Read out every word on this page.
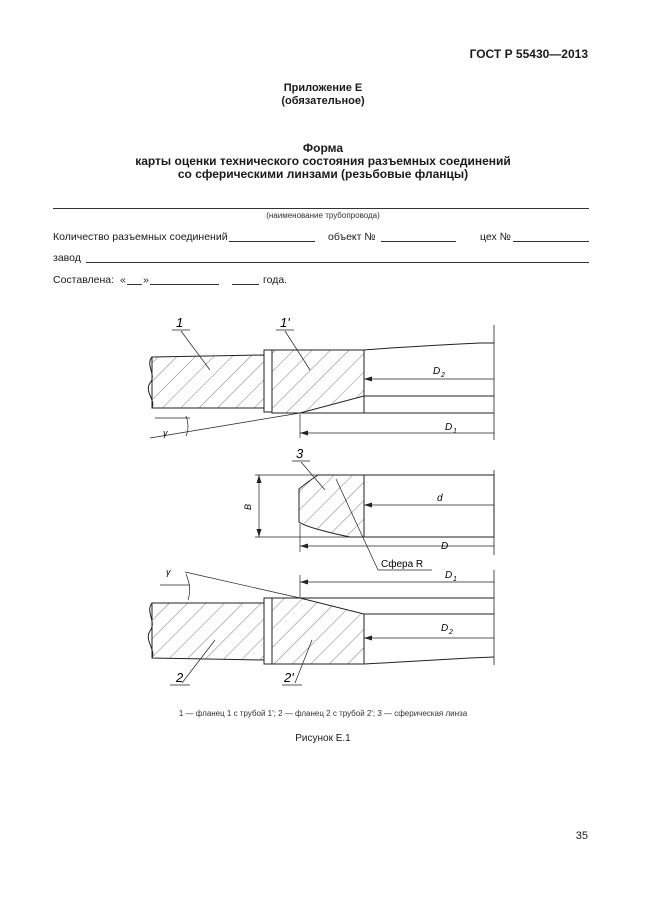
ГОСТ Р 55430—2013
Приложение Е
(обязательное)
Форма
карты оценки технического состояния разъемных соединений
со сферическими линзами (резьбовые фланцы)
(наименование трубопровода)
Количество разъемных соединений	объект №	цех №
завод
Составлена: « »	года.
1	1'
γ
D 2
D 1
3
B
d
D
Сфера R
γ	D 1
D 2
2	2'
1 — фланец 1 с трубой 1'; 2 — фланец 2 с трубой 2'; 3 — сферическая линза
Рисунок Е.1
35
